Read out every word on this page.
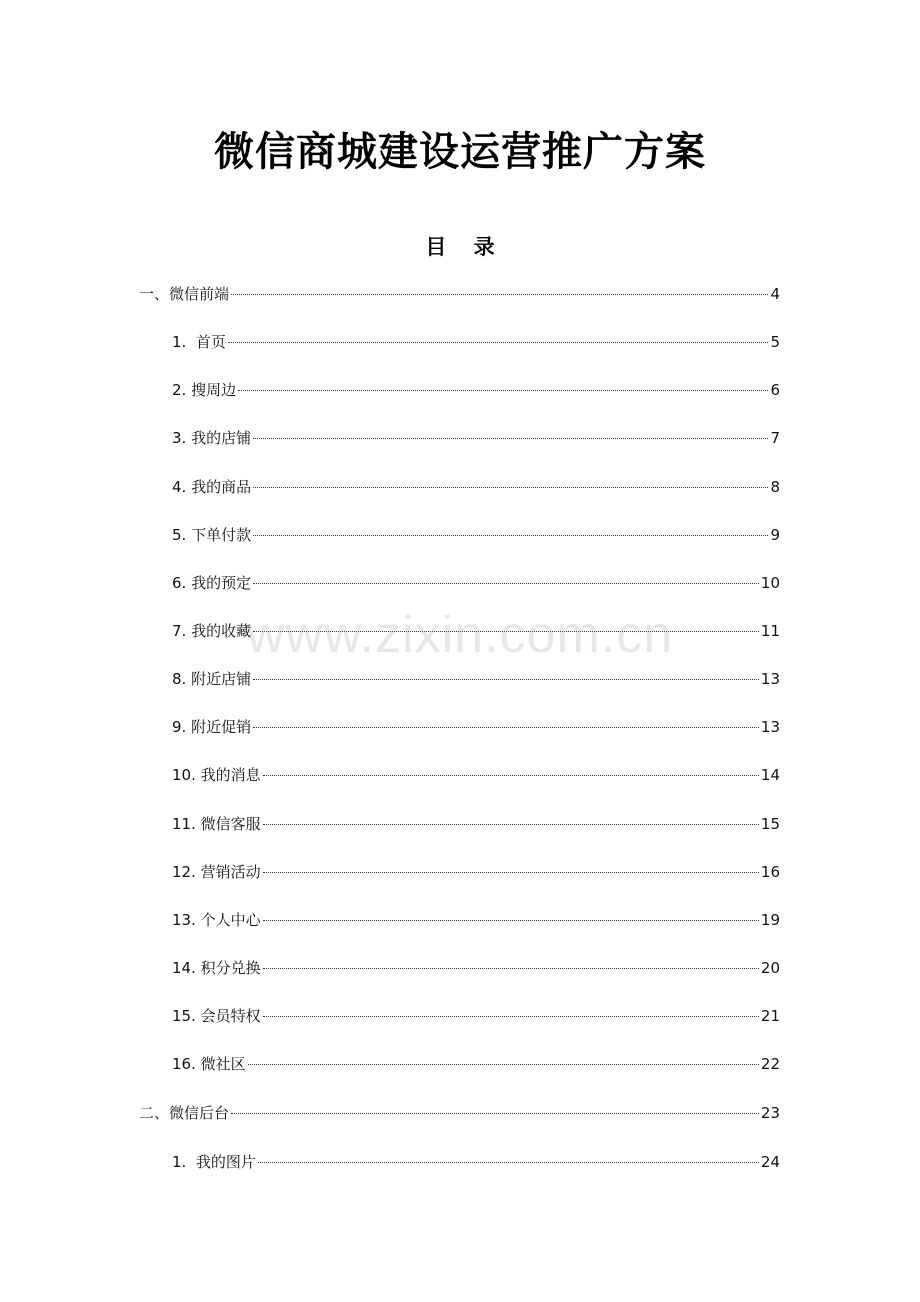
微信商城建设运营推广方案
目 录
一、 微信前端	4
1. 首页	5
2. 搜周边	6
3. 我的店铺	7
4. 我的商品	8
5. 下单付款	9
6. 我的预定	10
7. 我的收藏	11
8. 附近店铺	13
9. 附近促销	13
10. 我的消息	14
11. 微信客服	15
12. 营销活动	16
13. 个人中心	19
14. 积分兑换	20
15. 会员特权	21
16. 微社区	22
二、 微信后台	23
1. 我的图片	24
www.zixin.com.cn
